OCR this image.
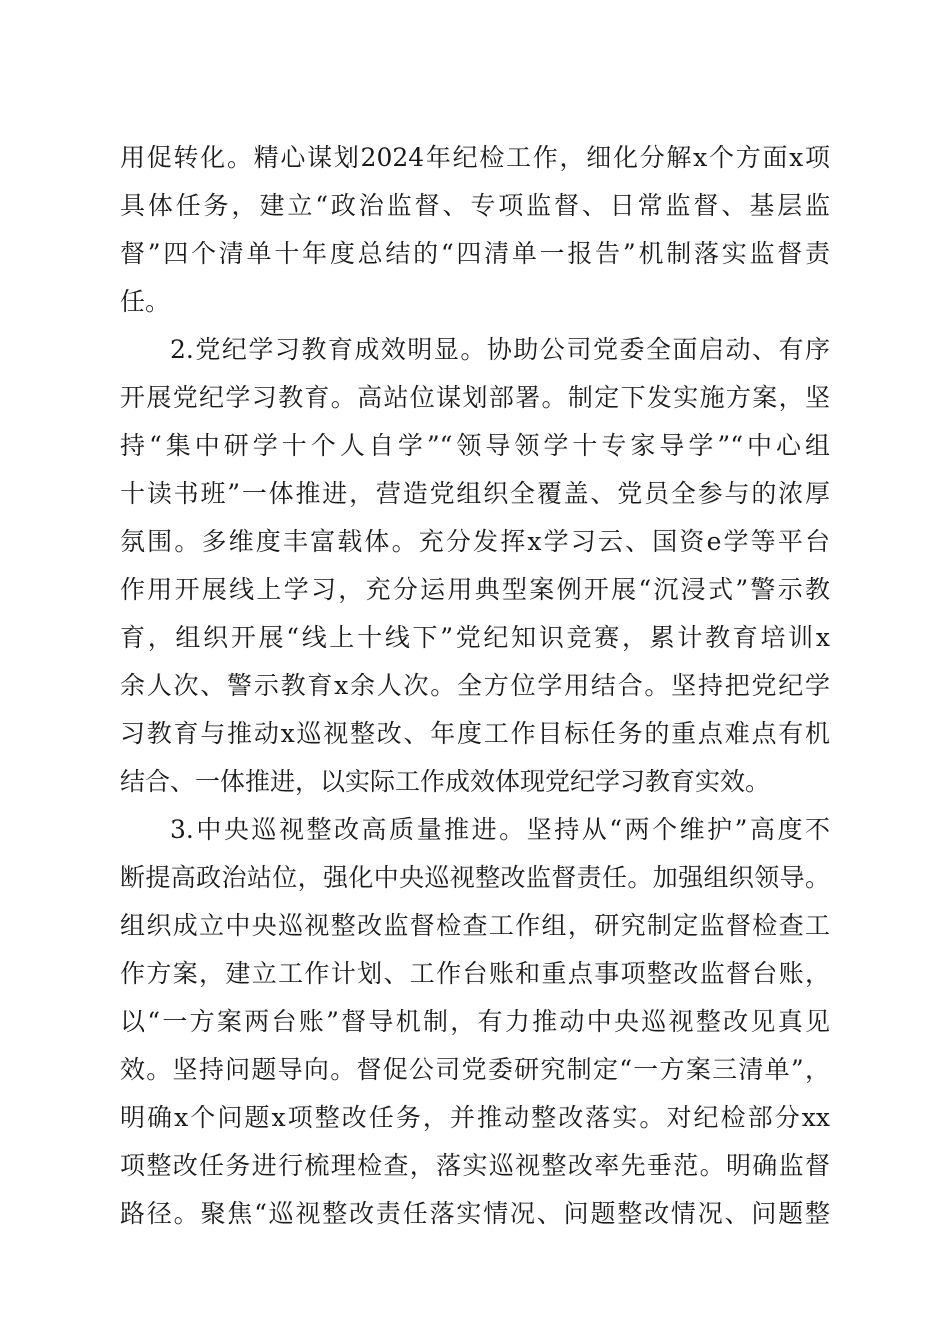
用促转化。精心谋划2024年纪检工作，细化分解x个方面x项
具体任务，建立“政治监督、专项监督、日常监督、基层监
督”四个清单十年度总结的“四清单一报告”机制落实监督责
任。
2.党纪学习教育成效明显。协助公司党委全面启动、有序
开展党纪学习教育。高站位谋划部署。制定下发实施方案，坚
持“集中研学十个人自学”“领导领学十专家导学”“中心组
十读书班”一体推进，营造党组织全覆盖、党员全参与的浓厚
氛围。多维度丰富载体。充分发挥x学习云、国资e学等平台
作用开展线上学习，充分运用典型案例开展“沉浸式”警示教
育，组织开展“线上十线下”党纪知识竞赛，累计教育培训x
余人次、警示教育x余人次。全方位学用结合。坚持把党纪学
习教育与推动x巡视整改、年度工作目标任务的重点难点有机
结合、一体推进，以实际工作成效体现党纪学习教育实效。
3.中央巡视整改高质量推进。坚持从“两个维护”高度不
断提高政治站位，强化中央巡视整改监督责任。加强组织领导。
组织成立中央巡视整改监督检查工作组，研究制定监督检查工
作方案，建立工作计划、工作台账和重点事项整改监督台账，
以“一方案两台账”督导机制，有力推动中央巡视整改见真见
效。坚持问题导向。督促公司党委研究制定“一方案三清单”，
明确x个问题x项整改任务，并推动整改落实。对纪检部分xx
项整改任务进行梳理检查，落实巡视整改率先垂范。明确监督
路径。聚焦“巡视整改责任落实情况、问题整改情况、问题整
